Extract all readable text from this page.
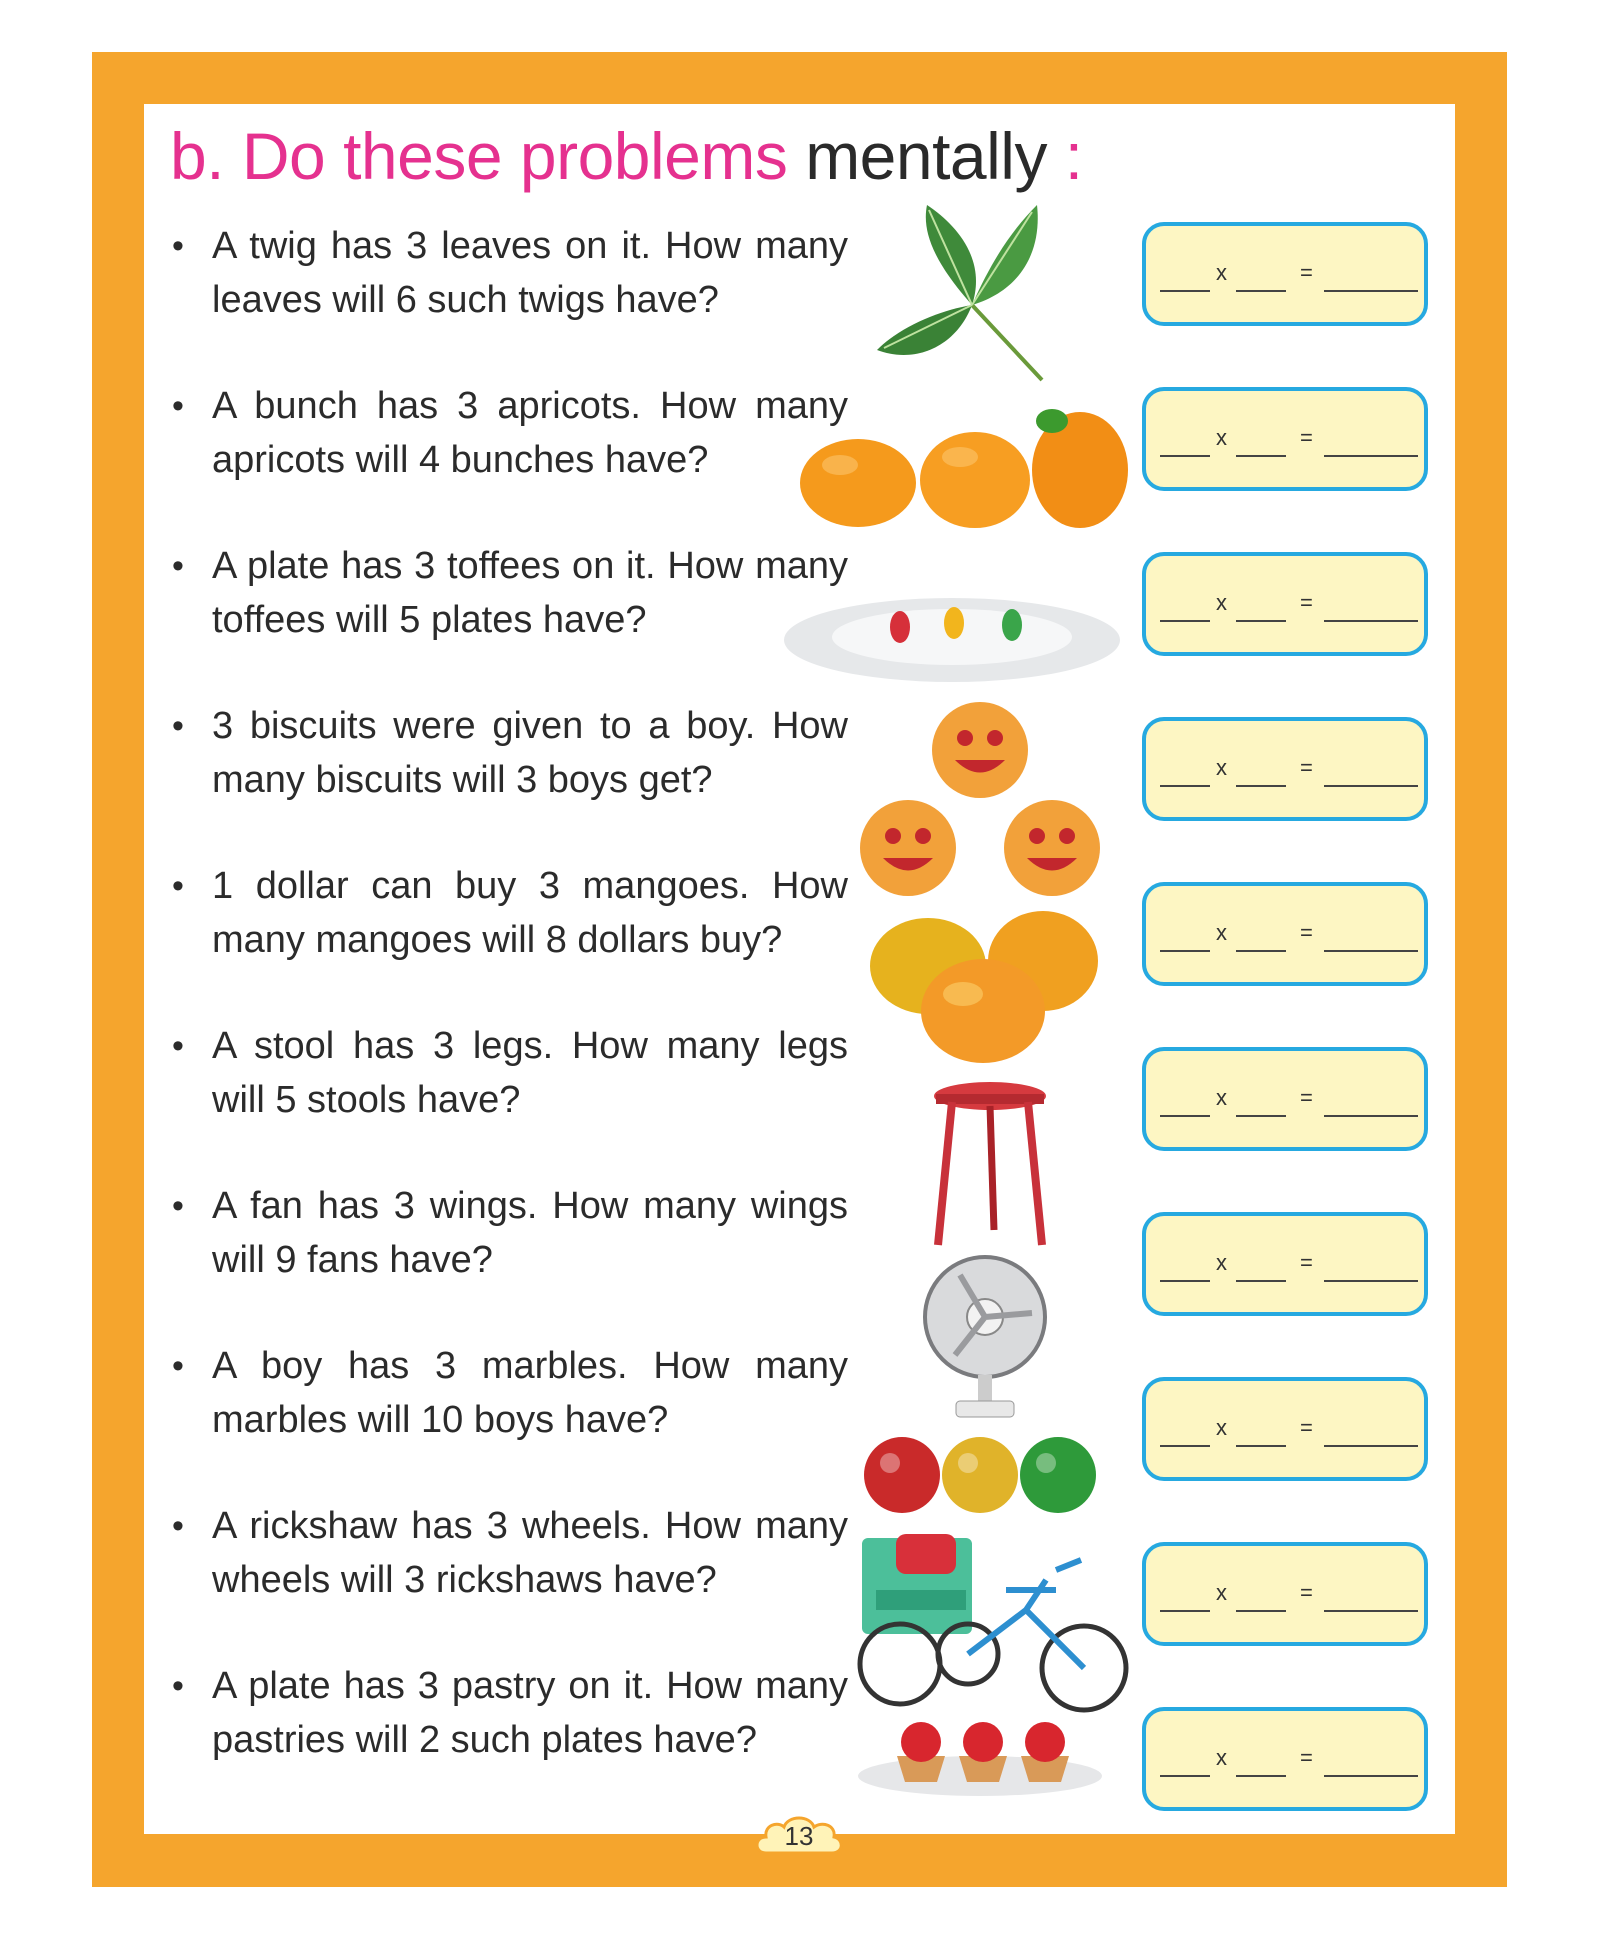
b. Do these problems mentally :
• A twig has 3 leaves on it. How many leaves will 6 such twigs have?
• A bunch has 3 apricots. How many apricots will 4 bunches have?
• A plate has 3 toffees on it. How many toffees will 5 plates have?
• 3 biscuits were given to a boy. How many biscuits will 3 boys get?
• 1 dollar can buy 3 mangoes. How many mangoes will 8 dollars buy?
• A stool has 3 legs. How many legs will 5 stools have?
• A fan has 3 wings. How many wings will 9 fans have?
• A boy has 3 marbles. How many marbles will 10 boys have?
• A rickshaw has 3 wheels. How many wheels will 3 rickshaws have?
• A plate has 3 pastry on it. How many pastries will 2 such plates have?
x	=
x	=
x	=
x	=
x	=
x	=
x	=
x	=
x	=
x	=
13
